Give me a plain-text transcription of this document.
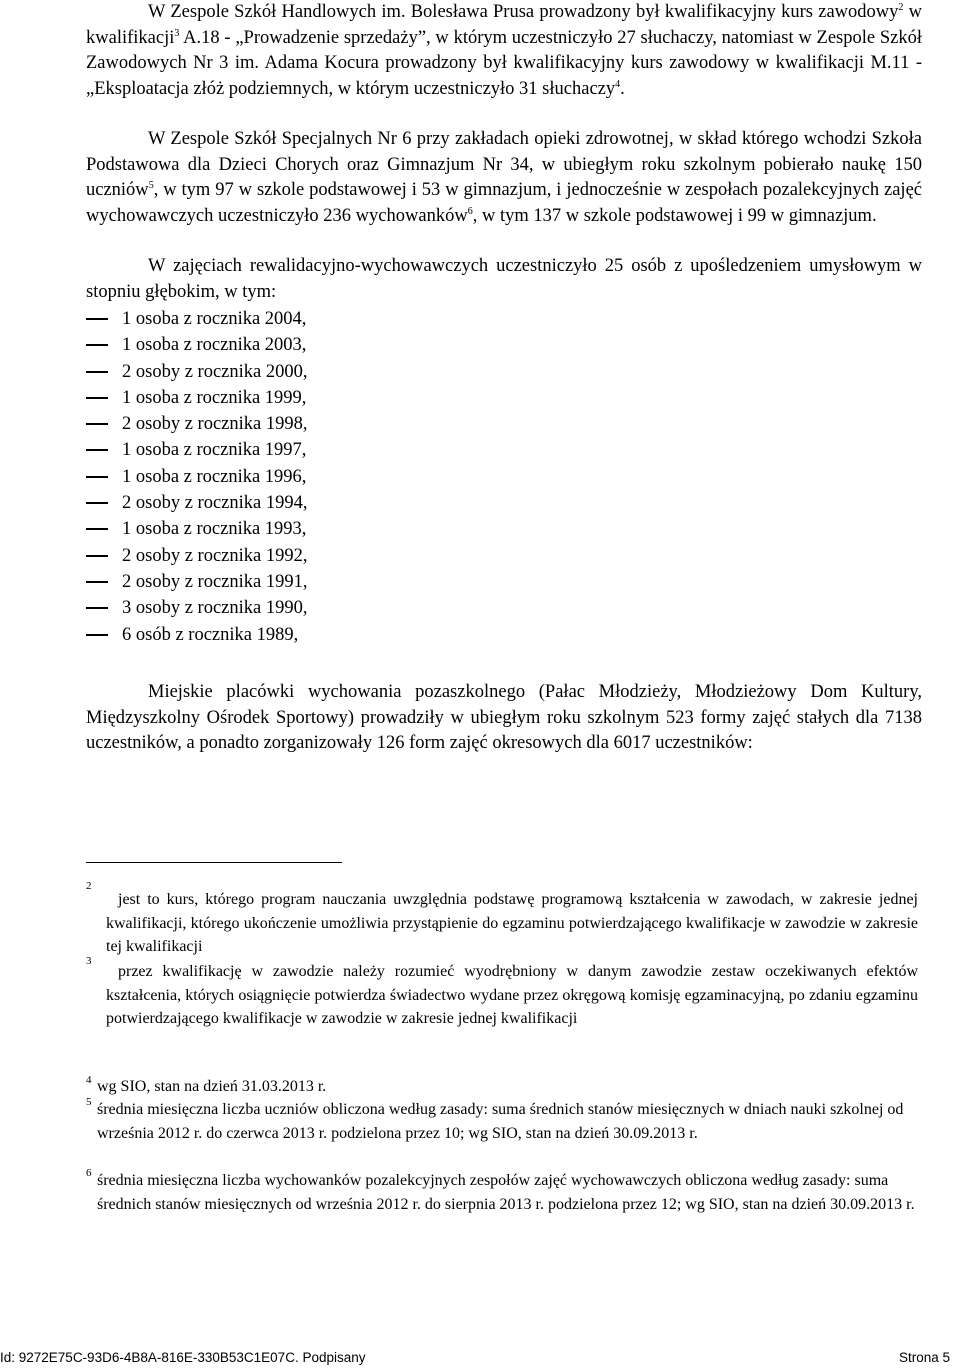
W Zespole Szkół Handlowych im. Bolesława Prusa prowadzony był kwalifikacyjny kurs zawodowy$^2$ w kwalifikacji$^3$ A.18 - „Prowadzenie sprzedaży”, w którym uczestniczyło 27 słuchaczy, natomiast w Zespole Szkół Zawodowych Nr 3 im. Adama Kocura prowadzony był kwalifikacyjny kurs zawodowy w kwalifikacji M.11 - „Eksploatacja złóż podziemnych, w którym uczestniczyło 31 słuchaczy$^4$.

W Zespole Szkół Specjalnych Nr 6 przy zakładach opieki zdrowotnej, w skład którego wchodzi Szkoła Podstawowa dla Dzieci Chorych oraz Gimnazjum Nr 34, w ubiegłym roku szkolnym pobierało naukę 150 uczniów$^5$, w tym 97 w szkole podstawowej i 53 w gimnazjum, i jednocześnie w zespołach pozalekcyjnych zajęć wychowawczych uczestniczyło 236 wychowanków$^6$, w tym 137 w szkole podstawowej i 99 w gimnazjum.

W zajęciach rewalidacyjno-wychowawczych uczestniczyło 25 osób z upośledzeniem umysłowym w stopniu głębokim, w tym:

1 osoba z rocznika 2004,
1 osoba z rocznika 2003,
2 osoby z rocznika 2000,
1 osoba z rocznika 1999,
2 osoby z rocznika 1998,
1 osoba z rocznika 1997,
1 osoba z rocznika 1996,
2 osoby z rocznika 1994,
1 osoba z rocznika 1993,
2 osoby z rocznika 1992,
2 osoby z rocznika 1991,
3 osoby z rocznika 1990,
6 osób z rocznika 1989,

Miejskie placówki wychowania pozaszkolnego (Pałac Młodzieży, Młodzieżowy Dom Kultury, Międzyszkolny Ośrodek Sportowy) prowadziły w ubiegłym roku szkolnym 523 formy zajęć stałych dla 7138 uczestników, a ponadto zorganizowały 126 form zajęć okresowych dla 6017 uczestników:

2

jest to kurs, którego program nauczania uwzględnia podstawę programową kształcenia w zawodach, w zakresie jednej kwalifikacji, którego ukończenie umożliwia przystąpienie do egzaminu potwierdzającego kwalifikacje w zawodzie w zakresie tej kwalifikacji

3

przez kwalifikację w zawodzie należy rozumieć wyodrębniony w danym zawodzie zestaw oczekiwanych efektów kształcenia, których osiągnięcie potwierdza świadectwo wydane przez okręgową komisję egzaminacyjną, po zdaniu egzaminu potwierdzającego kwalifikacje w zawodzie w zakresie jednej kwalifikacji

4 wg SIO, stan na dzień 31.03.2013 r.

5 średnia miesięczna liczba uczniów obliczona według zasady: suma średnich stanów miesięcznych w dniach nauki szkolnej od września 2012 r. do czerwca 2013 r. podzielona przez 10; wg SIO, stan na dzień 30.09.2013 r.

6 średnia miesięczna liczba wychowanków pozalekcyjnych zespołów zajęć wychowawczych obliczona według zasady: suma średnich stanów miesięcznych od września 2012 r. do sierpnia 2013 r. podzielona przez 12; wg SIO, stan na dzień 30.09.2013 r.

Id: 9272E75C-93D6-4B8A-816E-330B53C1E07C. Podpisany	Strona 5
